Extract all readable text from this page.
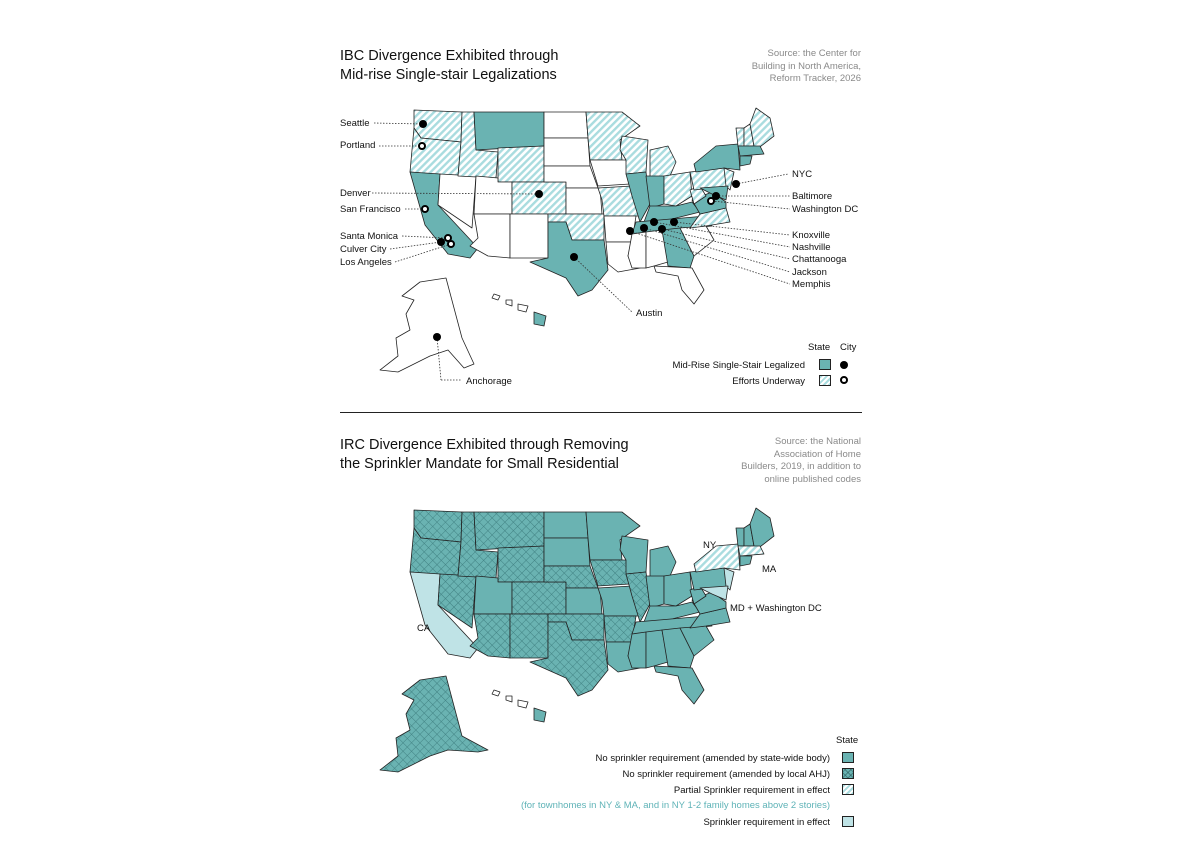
IBC Divergence Exhibited through
Mid-rise Single-stair Legalizations
Source: the Center for
Building in North America,
Reform Tracker, 2026
Seattle
Portland
Denver
San Francisco
Santa Monica
Culver City
Los Angeles
NYC
Baltimore
Washington DC
Knoxville
Nashville
Chattanooga
Jackson
Memphis
Austin
Anchorage
State City
Mid-Rise Single-Stair Legalized
Efforts Underway
IRC Divergence Exhibited through Removing
the Sprinkler Mandate for Small Residential
Source: the National
Association of Home
Builders, 2019, in addition to
online published codes
NY
MA
MD + Washington DC
CA
State
No sprinkler requirement (amended by state-wide body)
No sprinkler requirement (amended by local AHJ)
Partial Sprinkler requirement in effect
(for townhomes in NY & MA, and in NY 1-2 family homes above 2 stories)
Sprinkler requirement in effect
